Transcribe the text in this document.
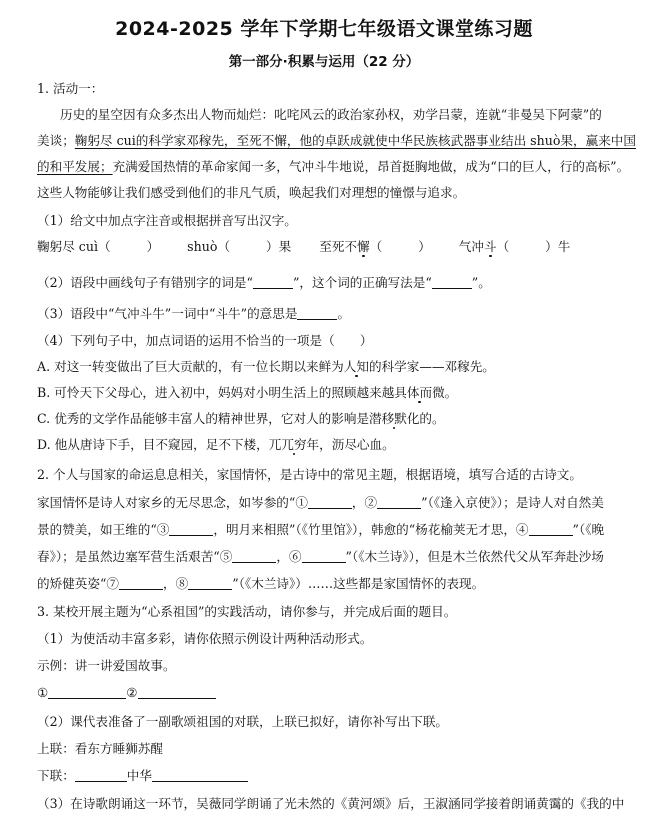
2024-2025 学年下学期七年级语文课堂练习题
第一部分·积累与运用（22 分）
1. 活动一：
历史的星空因有众多杰出人物而灿烂：叱咤风云的政治家孙权，劝学吕蒙，连就“非曼吴下阿蒙”的
美谈；鞠躬尽 cui的科学家邓稼先，至死不懈，他的卓跃成就使中华民族核武器事业结出 shuò果，赢来中国
的和平发展；充满爱国热情的革命家闻一多，气冲斗牛地说，昂首挺胸地做，成为“口的巨人，行的高标”。
这些人物能够让我们感受到他们的非凡气质，唤起我们对理想的憧憬与追求。
（1）给文中加点字注音或根据拼音写出汉字。
鞠躬尽 cuì（	） shuò（	）果 至死不懈（	） 气冲斗（	）牛
（2）语段中画线句子有错别字的词是“	”，这个词的正确写法是“	”。
（3）语段中“气冲斗牛”一词中“斗牛”的意思是	。
（4）下列句子中，加点词语的运用不恰当的一项是（　　）
A. 对这一转变做出了巨大贡献的，有一位长期以来鲜为人知的科学家——邓稼先。
B. 可怜天下父母心，进入初中，妈妈对小明生活上的照顾越来越具体而微。
C. 优秀的文学作品能够丰富人的精神世界，它对人的影响是潜移默化的。
D. 他从唐诗下手，目不窥园，足不下楼，兀兀穷年，沥尽心血。
2. 个人与国家的命运息息相关，家国情怀，是古诗中的常见主题，根据语境，填写合适的古诗文。
家国情怀是诗人对家乡的无尽思念，如岑参的“①	，②	”（《逢入京使》）；是诗人对自然美
景的赞美，如王维的“③	，明月来相照”（《竹里馆》），韩愈的“杨花榆荚无才思，④	”（《晚
春》）；是虽然边塞军营生活艰苦“⑤	，⑥	”（《木兰诗》），但是木兰依然代父从军奔赴沙场
的矫健英姿“⑦	，⑧	”（《木兰诗》）……这些都是家国情怀的表现。
3. 某校开展主题为“心系祖国”的实践活动，请你参与，并完成后面的题目。
（1）为使活动丰富多彩，请你依照示例设计两种活动形式。
示例：讲一讲爱国故事。
①	②
（2）课代表准备了一副歌颂祖国的对联，上联已拟好，请你补写出下联。
上联：看东方睡狮苏醒
下联：	中华
（3）在诗歌朗诵这一环节，吴薇同学朗诵了光未然的《黄河颂》后，王淑涵同学接着朗诵黄霭的《我的中
